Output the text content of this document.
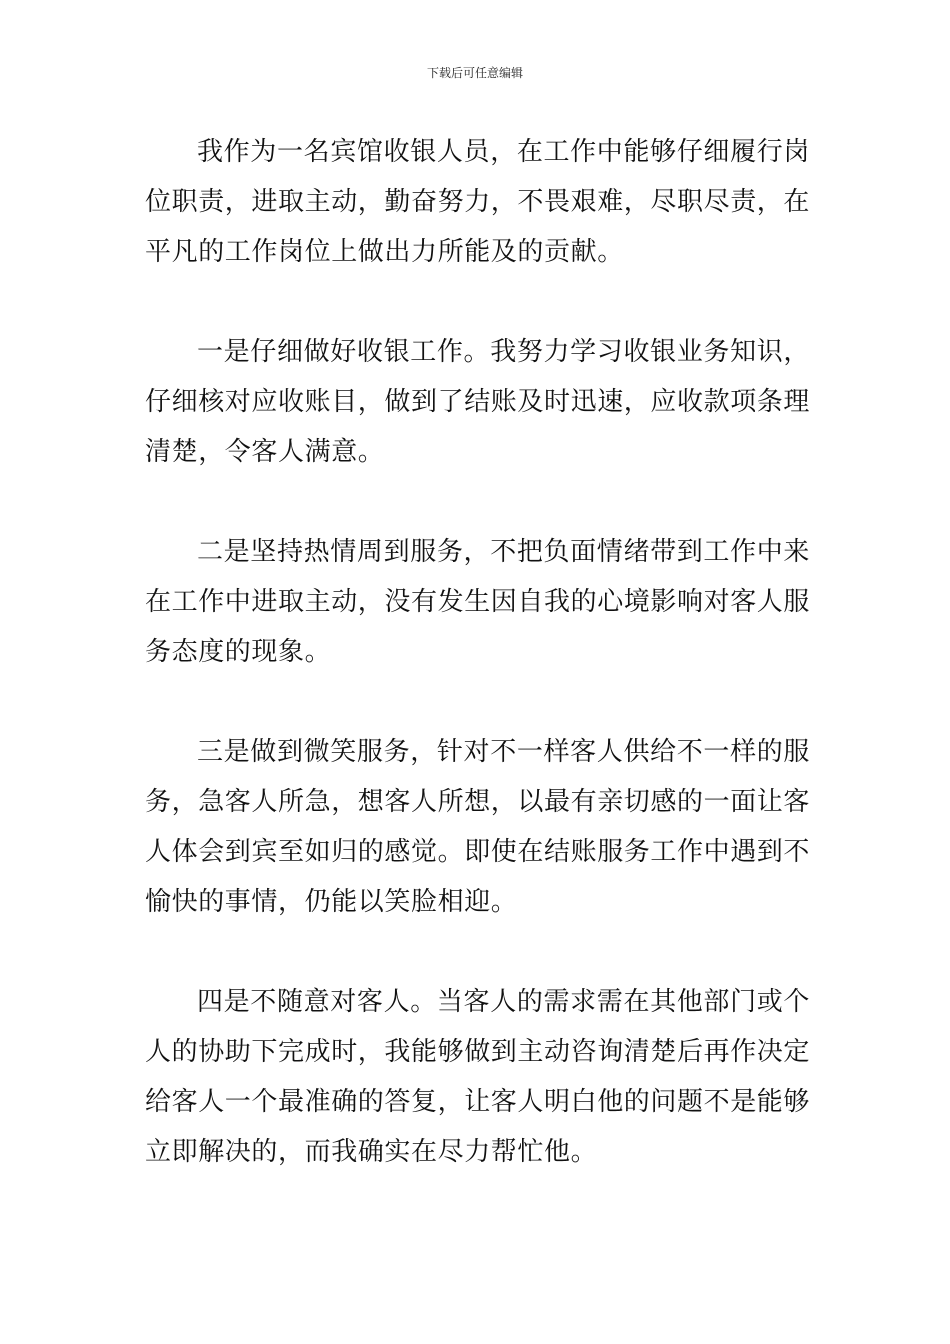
下载后可任意编辑

我作为一名宾馆收银人员，在工作中能够仔细履行岗位职责，进取主动，勤奋努力，不畏艰难，尽职尽责，在平凡的工作岗位上做出力所能及的贡献。

一是仔细做好收银工作。我努力学习收银业务知识，仔细核对应收账目，做到了结账及时迅速，应收款项条理清楚，令客人满意。

二是坚持热情周到服务，不把负面情绪带到工作中来在工作中进取主动，没有发生因自我的心境影响对客人服务态度的现象。

三是做到微笑服务，针对不一样客人供给不一样的服务，急客人所急，想客人所想，以最有亲切感的一面让客人体会到宾至如归的感觉。即使在结账服务工作中遇到不愉快的事情，仍能以笑脸相迎。

四是不随意对客人。当客人的需求需在其他部门或个人的协助下完成时，我能够做到主动咨询清楚后再作决定给客人一个最准确的答复，让客人明白他的问题不是能够立即解决的，而我确实在尽力帮忙他。
